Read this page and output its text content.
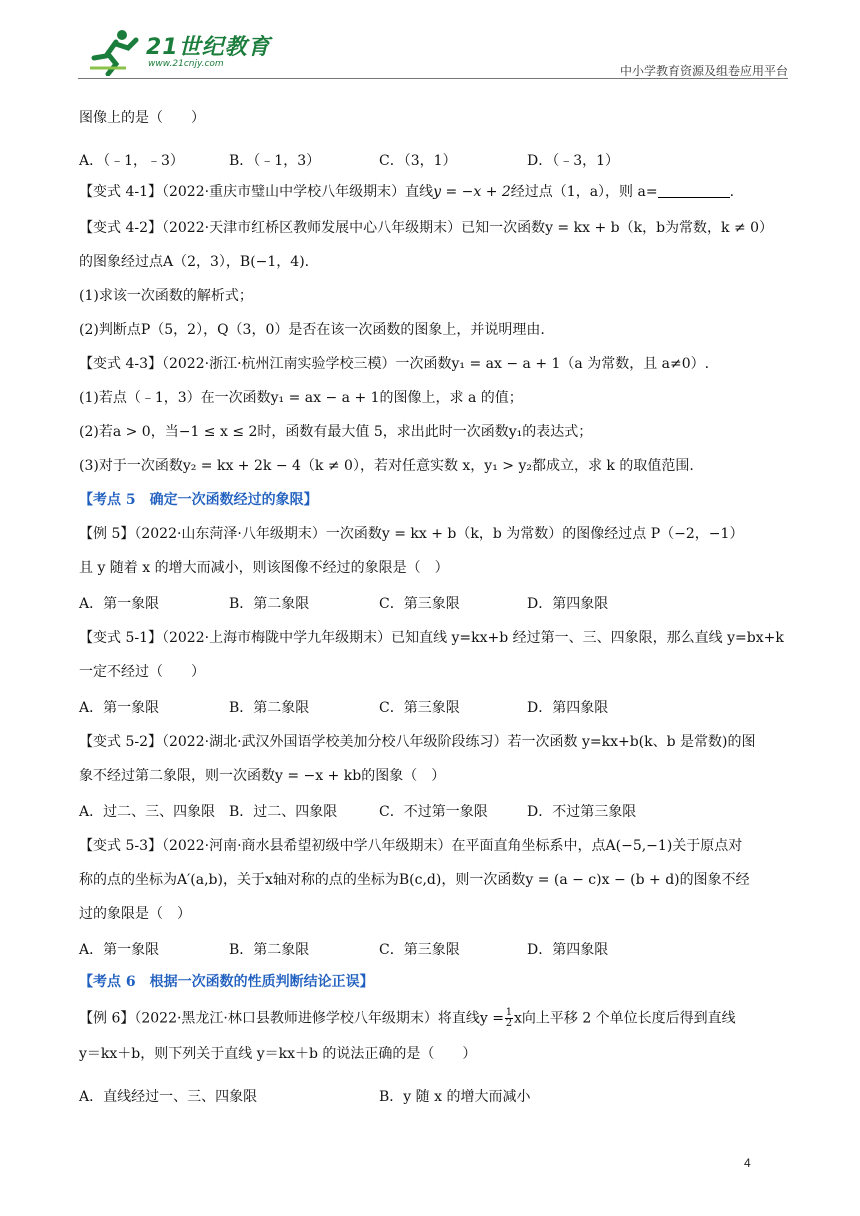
21世纪教育
www.21cnjy.com	中小学教育资源及组卷应用平台
图像上的是（　　）
A．（﹣1，﹣3）	B．（﹣1，3）	C．（3，1）	D．（﹣3，1）
【变式 4-1】（2022·重庆市璧山中学校八年级期末）直线y = −x + 2经过点（1，a），则 a=	.
【变式 4-2】（2022·天津市红桥区教师发展中心八年级期末）已知一次函数y = kx + b（k，b为常数，k ≠ 0）
的图象经过点A（2，3），B(−1，4).
(1)求该一次函数的解析式；
(2)判断点P（5，2），Q（3，0）是否在该一次函数的图象上，并说明理由.
【变式 4-3】（2022·浙江·杭州江南实验学校三模）一次函数y₁ = ax − a + 1（a 为常数，且 a≠0）.
(1)若点（﹣1，3）在一次函数y₁ = ax − a + 1的图像上，求 a 的值；
(2)若a > 0，当−1 ≤ x ≤ 2时，函数有最大值 5，求出此时一次函数y₁的表达式；
(3)对于一次函数y₂ = kx + 2k − 4（k ≠ 0），若对任意实数 x，y₁ > y₂都成立，求 k 的取值范围.
【考点 5　确定一次函数经过的象限】
【例 5】（2022·山东菏泽·八年级期末）一次函数y = kx + b（k，b 为常数）的图像经过点 P（−2，−1）
且 y 随着 x 的增大而减小，则该图像不经过的象限是（　）
A．第一象限	B．第二象限	C．第三象限	D．第四象限
【变式 5-1】（2022·上海市梅陇中学九年级期末）已知直线 y=kx+b 经过第一、三、四象限，那么直线 y=bx+k
一定不经过（　　）
A．第一象限	B．第二象限	C．第三象限	D．第四象限
【变式 5-2】（2022·湖北·武汉外国语学校美加分校八年级阶段练习）若一次函数 y=kx+b(k、b 是常数)的图
象不经过第二象限，则一次函数y = −x + kb的图象（　）
A．过二、三、四象限 B．过二、四象限	C．不过第一象限	D．不过第三象限
【变式 5-3】（2022·河南·商水县希望初级中学八年级期末）在平面直角坐标系中，点A(−5,−1)关于原点对
称的点的坐标为A′(a,b)，关于x轴对称的点的坐标为B(c,d)，则一次函数y = (a − c)x − (b + d)的图象不经
过的象限是（　）
A．第一象限	B．第二象限	C．第三象限	D．第四象限
【考点 6　根据一次函数的性质判断结论正误】
【例 6】（2022·黑龙江·林口县教师进修学校八年级期末）将直线$y = \frac{1}{2}$ x向上平移 2 个单位长度后得到直线
y＝kx＋b，则下列关于直线 y＝kx＋b 的说法正确的是（　　）
A．直线经过一、三、四象限	B．y 随 x 的增大而减小
4
